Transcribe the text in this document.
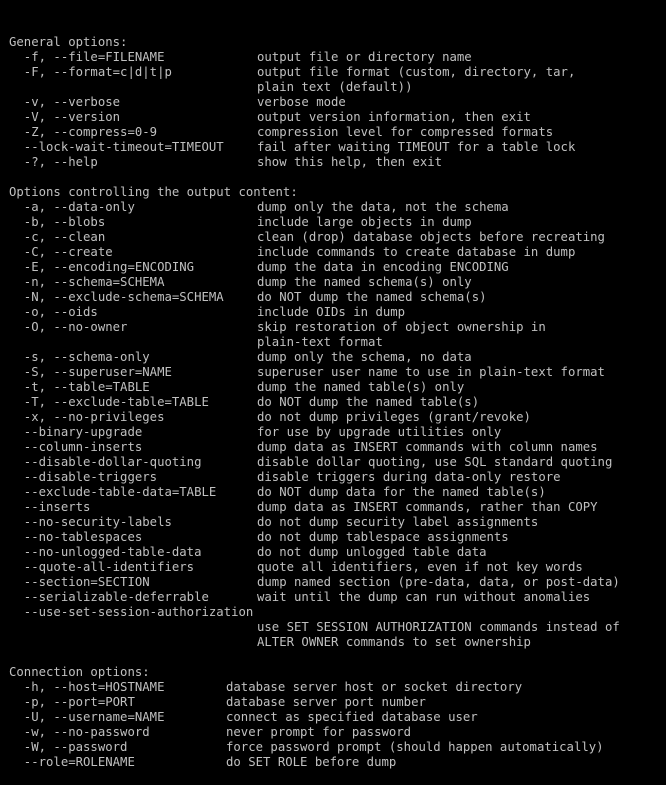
General options:
-f, --file=FILENAME	output file or directory name
-F, --format=c|d|t|p	output file format (custom, directory, tar,
plain text (default))
-v, --verbose	verbose mode
-V, --version	output version information, then exit
-Z, --compress=0-9	compression level for compressed formats
--lock-wait-timeout=TIMEOUT	fail after waiting TIMEOUT for a table lock
-?, --help	show this help, then exit
Options controlling the output content:
-a, --data-only	dump only the data, not the schema
-b, --blobs	include large objects in dump
-c, --clean	clean (drop) database objects before recreating
-C, --create	include commands to create database in dump
-E, --encoding=ENCODING	dump the data in encoding ENCODING
-n, --schema=SCHEMA	dump the named schema(s) only
-N, --exclude-schema=SCHEMA	do NOT dump the named schema(s)
-o, --oids	include OIDs in dump
-O, --no-owner	skip restoration of object ownership in
plain-text format
-s, --schema-only	dump only the schema, no data
-S, --superuser=NAME	superuser user name to use in plain-text format
-t, --table=TABLE	dump the named table(s) only
-T, --exclude-table=TABLE	do NOT dump the named table(s)
-x, --no-privileges	do not dump privileges (grant/revoke)
--binary-upgrade	for use by upgrade utilities only
--column-inserts	dump data as INSERT commands with column names
--disable-dollar-quoting	disable dollar quoting, use SQL standard quoting
--disable-triggers	disable triggers during data-only restore
--exclude-table-data=TABLE	do NOT dump data for the named table(s)
--inserts	dump data as INSERT commands, rather than COPY
--no-security-labels	do not dump security label assignments
--no-tablespaces	do not dump tablespace assignments
--no-unlogged-table-data	do not dump unlogged table data
--quote-all-identifiers	quote all identifiers, even if not key words
--section=SECTION	dump named section (pre-data, data, or post-data)
--serializable-deferrable	wait until the dump can run without anomalies
--use-set-session-authorization
use SET SESSION AUTHORIZATION commands instead of
ALTER OWNER commands to set ownership
Connection options:
-h, --host=HOSTNAME	database server host or socket directory
-p, --port=PORT	database server port number
-U, --username=NAME	connect as specified database user
-w, --no-password	never prompt for password
-W, --password	force password prompt (should happen automatically)
--role=ROLENAME	do SET ROLE before dump
